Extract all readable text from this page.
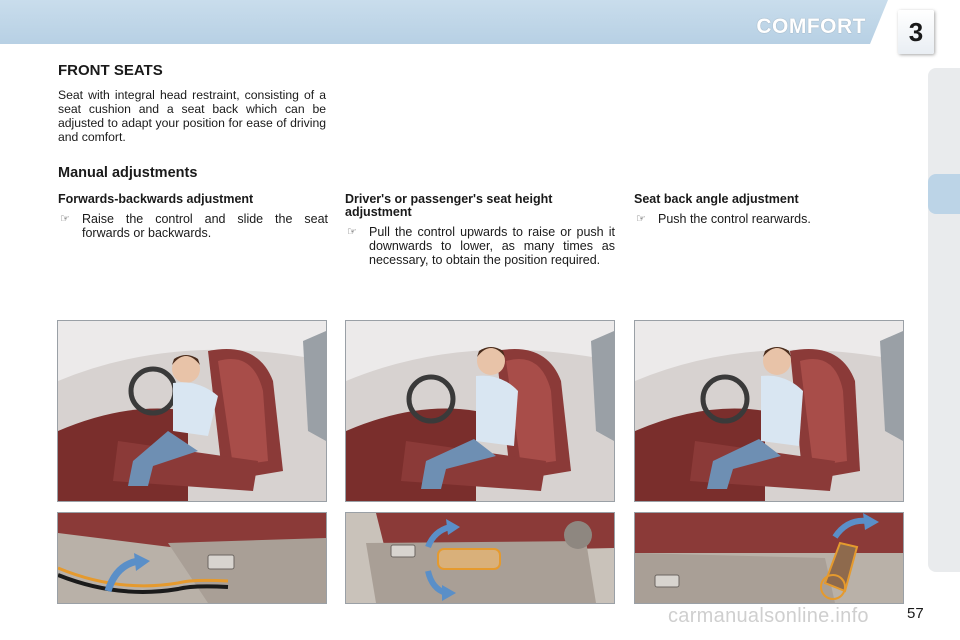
COMFORT 3
FRONT SEATS

Seat with integral head restraint, consisting of a seat cushion and a seat back which can be adjusted to adapt your position for ease of driving and comfort.

Manual adjustments
Forwards-backwards adjustment
☞ Raise the control and slide the seat forwards or backwards.
Driver's or passenger's seat height adjustment
☞ Pull the control upwards to raise or push it downwards to lower, as many times as necessary, to obtain the position required.
Seat back angle adjustment
☞ Push the control rearwards.
carmanualsonline.info	57
